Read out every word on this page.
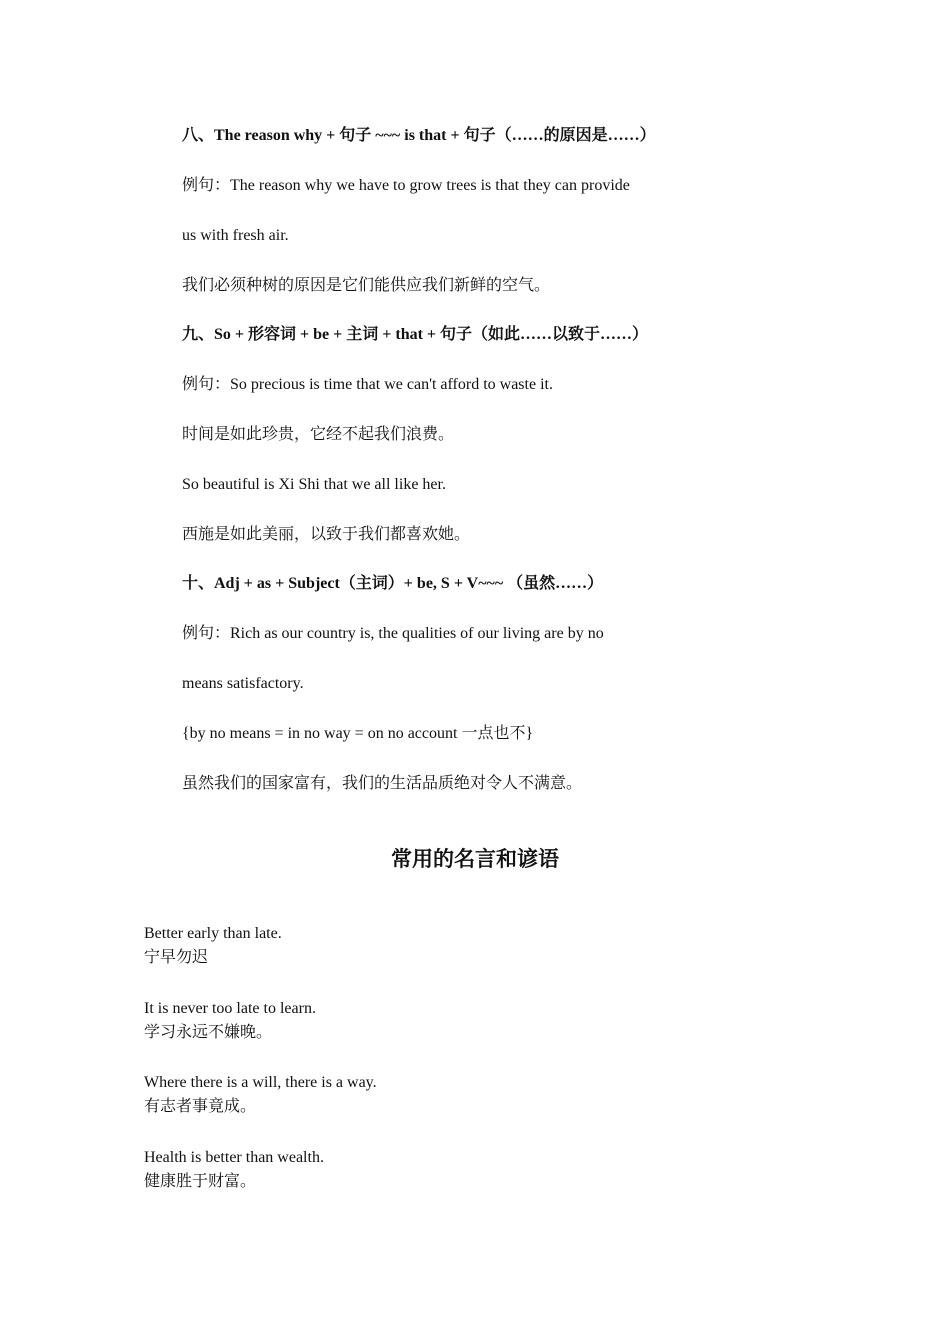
八、The reason why + 句子 ~~~ is that + 句子（……的原因是……）
例句：The reason why we have to grow trees is that they can provide
us with fresh air.
我们必须种树的原因是它们能供应我们新鲜的空气。
九、So + 形容词 + be + 主词 + that + 句子（如此……以致于……）
例句：So precious is time that we can't afford to waste it.
时间是如此珍贵，它经不起我们浪费。
So beautiful is Xi Shi that we all like her.
西施是如此美丽，以致于我们都喜欢她。
十、Adj + as + Subject（主词）+ be, S + V~~~ （虽然……）
例句：Rich as our country is, the qualities of our living are by no
means satisfactory.
{by no means = in no way = on no account 一点也不}
虽然我们的国家富有，我们的生活品质绝对令人不满意。
常用的名言和谚语
Better early than late.
宁早勿迟
It is never too late to learn.
学习永远不嫌晚。
Where there is a will, there is a way.
有志者事竟成。
Health is better than wealth.
健康胜于财富。
